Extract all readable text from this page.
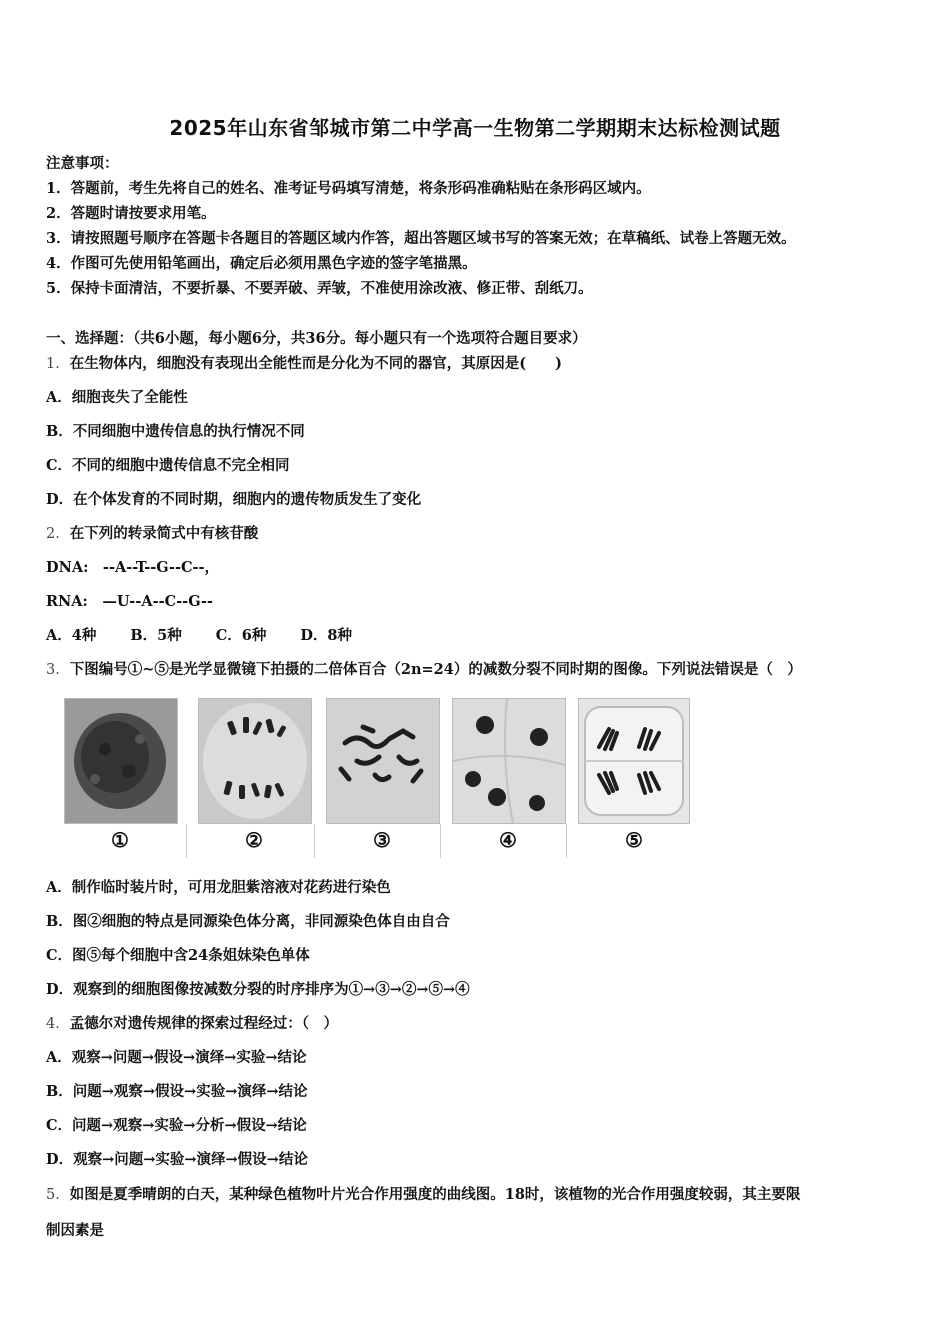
2025年山东省邹城市第二中学高一生物第二学期期末达标检测试题
注意事项：
1．答题前，考生先将自己的姓名、准考证号码填写清楚，将条形码准确粘贴在条形码区域内。
2．答题时请按要求用笔。
3．请按照题号顺序在答题卡各题目的答题区域内作答，超出答题区域书写的答案无效；在草稿纸、试卷上答题无效。
4．作图可先使用铅笔画出，确定后必须用黑色字迹的签字笔描黑。
5．保持卡面清洁，不要折暴、不要弄破、弄皱，不准使用涂改液、修正带、刮纸刀。
一、选择题：（共6小题，每小题6分，共36分。每小题只有一个选项符合题目要求）
1．在生物体内，细胞没有表现出全能性而是分化为不同的器官，其原因是(　　)
A．细胞丧失了全能性
B．不同细胞中遗传信息的执行情况不同
C．不同的细胞中遗传信息不完全相同
D．在个体发育的不同时期，细胞内的遗传物质发生了变化
2．在下列的转录简式中有核苷酸
DNA:　--A--T--G--C--，
RNA:　—U--A--C--G--
A．4种 B．5种 C．6种 D．8种
3．下图编号①~⑤是光学显微镜下拍摄的二倍体百合（2n=24）的减数分裂不同时期的图像。下列说法错误是（　）
①	②	③	④	⑤
A．制作临时装片时，可用龙胆紫溶液对花药进行染色
B．图②细胞的特点是同源染色体分离，非同源染色体自由自合
C．图⑤每个细胞中含24条姐妹染色单体
D．观察到的细胞图像按减数分裂的时序排序为①→③→②→⑤→④
4．孟德尔对遗传规律的探索过程经过：（　）
A．观察→问题→假设→演绎→实验→结论
B．问题→观察→假设→实验→演绎→结论
C．问题→观察→实验→分析→假设→结论
D．观察→问题→实验→演绎→假设→结论
5．如图是夏季晴朗的白天，某种绿色植物叶片光合作用强度的曲线图。18时，该植物的光合作用强度较弱，其主要限
制因素是
